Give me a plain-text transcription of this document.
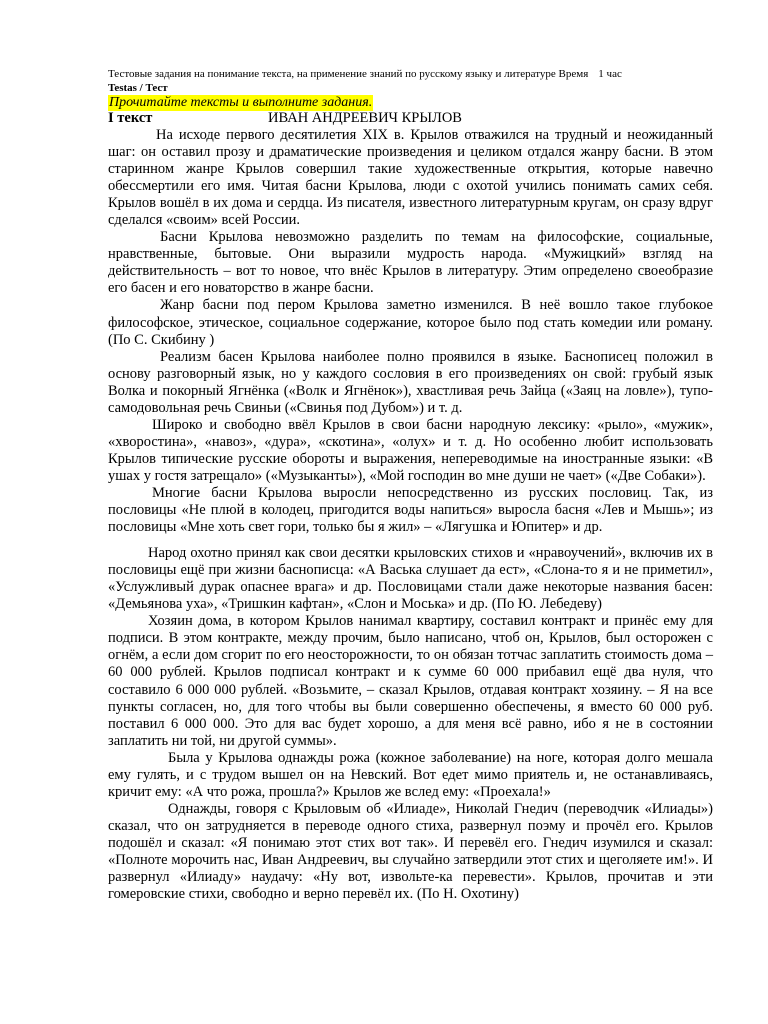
Тестовые задания на понимание текста, на применение знаний по русскому языку и литературе Время 1 час
Testas / Тест
Прочитайте тексты и выполните задания.
I текст	ИВАН АНДРЕЕВИЧ КРЫЛОВ

На исходе первого десятилетия XIX в. Крылов отважился на трудный и неожиданный шаг: он оставил прозу и драматические произведения и целиком отдался жанру басни. В этом старинном жанре Крылов совершил такие художественные открытия, которые навечно обессмертили его имя. Читая басни Крылова, люди с охотой учились понимать самих себя. Крылов вошёл в их дома и сердца. Из писателя, известного литературным кругам, он сразу вдруг сделался «своим» всей России.

Басни Крылова невозможно разделить по темам на философские, социальные, нравственные, бытовые. Они выразили мудрость народа. «Мужицкий» взгляд на действительность – вот то новое, что внёс Крылов в литературу. Этим определено своеобразие его басен и его новаторство в жанре басни.

Жанр басни под пером Крылова заметно изменился. В неё вошло такое глубокое философское, этическое, социальное содержание, которое было под стать комедии или роману. (По С. Скибину )

Реализм басен Крылова наиболее полно проявился в языке. Баснописец положил в основу разговорный язык, но у каждого сословия в его произведениях он свой: грубый язык Волка и покорный Ягнёнка («Волк и Ягнёнок»), хвастливая речь Зайца («Заяц на ловле»), тупо-самодовольная речь Свиньи («Свинья под Дубом») и т. д.

Широко и свободно ввёл Крылов в свои басни народную лексику: «рыло», «мужик», «хворостина», «навоз», «дура», «скотина», «олух» и т. д. Но особенно любит использовать Крылов типические русские обороты и выражения, непереводимые на иностранные языки: «В ушах у гостя затрещало» («Музыканты»), «Мой господин во мне души не чает» («Две Собаки»).

Многие басни Крылова выросли непосредственно из русских пословиц. Так, из пословицы «Не плюй в колодец, пригодится воды напиться» выросла басня «Лев и Мышь»; из пословицы «Мне хоть свет гори, только бы я жил» – «Лягушка и Юпитер» и др.

Народ охотно принял как свои десятки крыловских стихов и «нравоучений», включив их в пословицы ещё при жизни баснописца: «А Васька слушает да ест», «Слона-то я и не приметил», «Услужливый дурак опаснее врага» и др. Пословицами стали даже некоторые названия басен: «Демьянова уха», «Тришкин кафтан», «Слон и Моська» и др. (По Ю. Лебедеву)

Хозяин дома, в котором Крылов нанимал квартиру, составил контракт и принёс ему для подписи. В этом контракте, между прочим, было написано, чтоб он, Крылов, был осторожен с огнём, а если дом сгорит по его неосторожности, то он обязан тотчас заплатить стоимость дома – 60 000 рублей. Крылов подписал контракт и к сумме 60 000 прибавил ещё два нуля, что составило 6 000 000 рублей. «Возьмите, – сказал Крылов, отдавая контракт хозяину. – Я на все пункты согласен, но, для того чтобы вы были совершенно обеспечены, я вместо 60 000 руб. поставил 6 000 000. Это для вас будет хорошо, а для меня всё равно, ибо я не в состоянии заплатить ни той, ни другой суммы».

Была у Крылова однажды рожа (кожное заболевание) на ноге, которая долго мешала ему гулять, и с трудом вышел он на Невский. Вот едет мимо приятель и, не останавливаясь, кричит ему: «А что рожа, прошла?» Крылов же вслед ему: «Проехала!»

Однажды, говоря с Крыловым об «Илиаде», Николай Гнедич (переводчик «Илиады») сказал, что он затрудняется в переводе одного стиха, развернул поэму и прочёл его. Крылов подошёл и сказал: «Я понимаю этот стих вот так». И перевёл его. Гнедич изумился и сказал: «Полноте морочить нас, Иван Андреевич, вы случайно затвердили этот стих и щеголяете им!». И развернул «Илиаду» наудачу: «Ну вот, извольте-ка перевести». Крылов, прочитав и эти гомеровские стихи, свободно и верно перевёл их. (По Н. Охотину)
